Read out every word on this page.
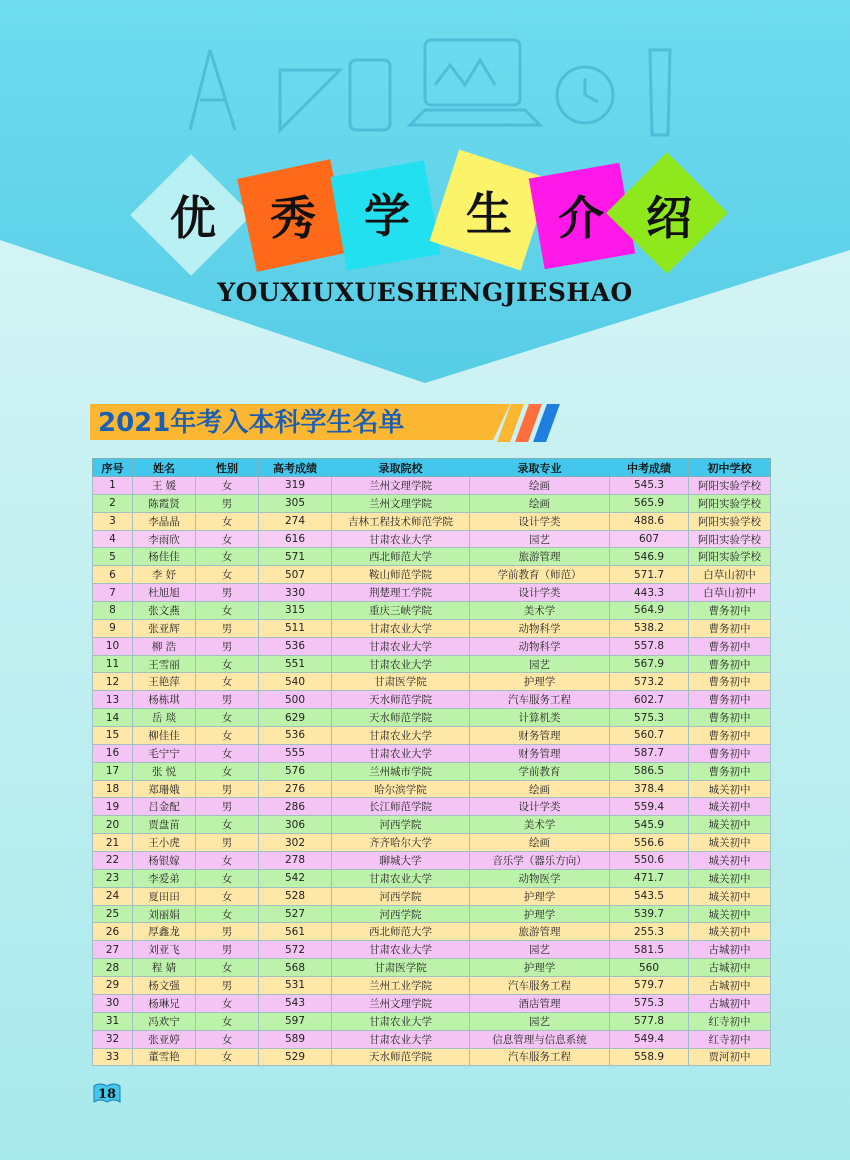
优	秀	学	生	介 绍
YOUXIUXUESHENGJIESHAO
2021年考入本科学生名单
序号	姓名	性别	高考成绩	录取院校	录取专业	中考成绩	初中学校
1	王 媛	女	319	兰州文理学院	绘画	545.3	阿阳实验学校
2	陈霞贤	男	305	兰州文理学院	绘画	565.9	阿阳实验学校
3	李晶晶	女	274	吉林工程技术师范学院	设计学类	488.6	阿阳实验学校
4	李雨欣	女	616	甘肃农业大学	园艺	607	阿阳实验学校
5	杨佳佳	女	571	西北师范大学	旅游管理	546.9	阿阳实验学校
6	李 妤	女	507	鞍山师范学院	学前教育（师范）	571.7	白草山初中
7	杜旭旭	男	330	荆楚理工学院	设计学类	443.3	白草山初中
8	张文燕	女	315	重庆三峡学院	美术学	564.9	曹务初中
9	张亚辉	男	511	甘肃农业大学	动物科学	538.2	曹务初中
10	柳 浩	男	536	甘肃农业大学	动物科学	557.8	曹务初中
11	王雪丽	女	551	甘肃农业大学	园艺	567.9	曹务初中
12	王艳萍	女	540	甘肃医学院	护理学	573.2	曹务初中
13	杨栋琪	男	500	天水师范学院	汽车服务工程	602.7	曹务初中
14	岳 琰	女	629	天水师范学院	计算机类	575.3	曹务初中
15	柳佳佳	女	536	甘肃农业大学	财务管理	560.7	曹务初中
16	毛宁宁	女	555	甘肃农业大学	财务管理	587.7	曹务初中
17	张 悦	女	576	兰州城市学院	学前教育	586.5	曹务初中
18	郑珊娥	男	276	哈尔滨学院	绘画	378.4	城关初中
19	吕金配	男	286	长江师范学院	设计学类	559.4	城关初中
20	贾盘苗	女	306	河西学院	美术学	545.9	城关初中
21	王小虎	男	302	齐齐哈尔大学	绘画	556.6	城关初中
22	杨银嫁	女	278	聊城大学	音乐学（器乐方向）	550.6	城关初中
23	李爱弟	女	542	甘肃农业大学	动物医学	471.7	城关初中
24	夏田田	女	528	河西学院	护理学	543.5	城关初中
25	刘丽娟	女	527	河西学院	护理学	539.7	城关初中
26	厚鑫龙	男	561	西北师范大学	旅游管理	255.3	城关初中
27	刘亚飞	男	572	甘肃农业大学	园艺	581.5	古城初中
28	程 婧	女	568	甘肃医学院	护理学	560	古城初中
29	杨文强	男	531	兰州工业学院	汽车服务工程	579.7	古城初中
30	杨琳兄	女	543	兰州文理学院	酒店管理	575.3	古城初中
31	冯欢宁	女	597	甘肃农业大学	园艺	577.8	红寺初中
32	张亚婷	女	589	甘肃农业大学	信息管理与信息系统	549.4	红寺初中
33	董雪艳	女	529	天水师范学院	汽车服务工程	558.9	贾河初中
18
